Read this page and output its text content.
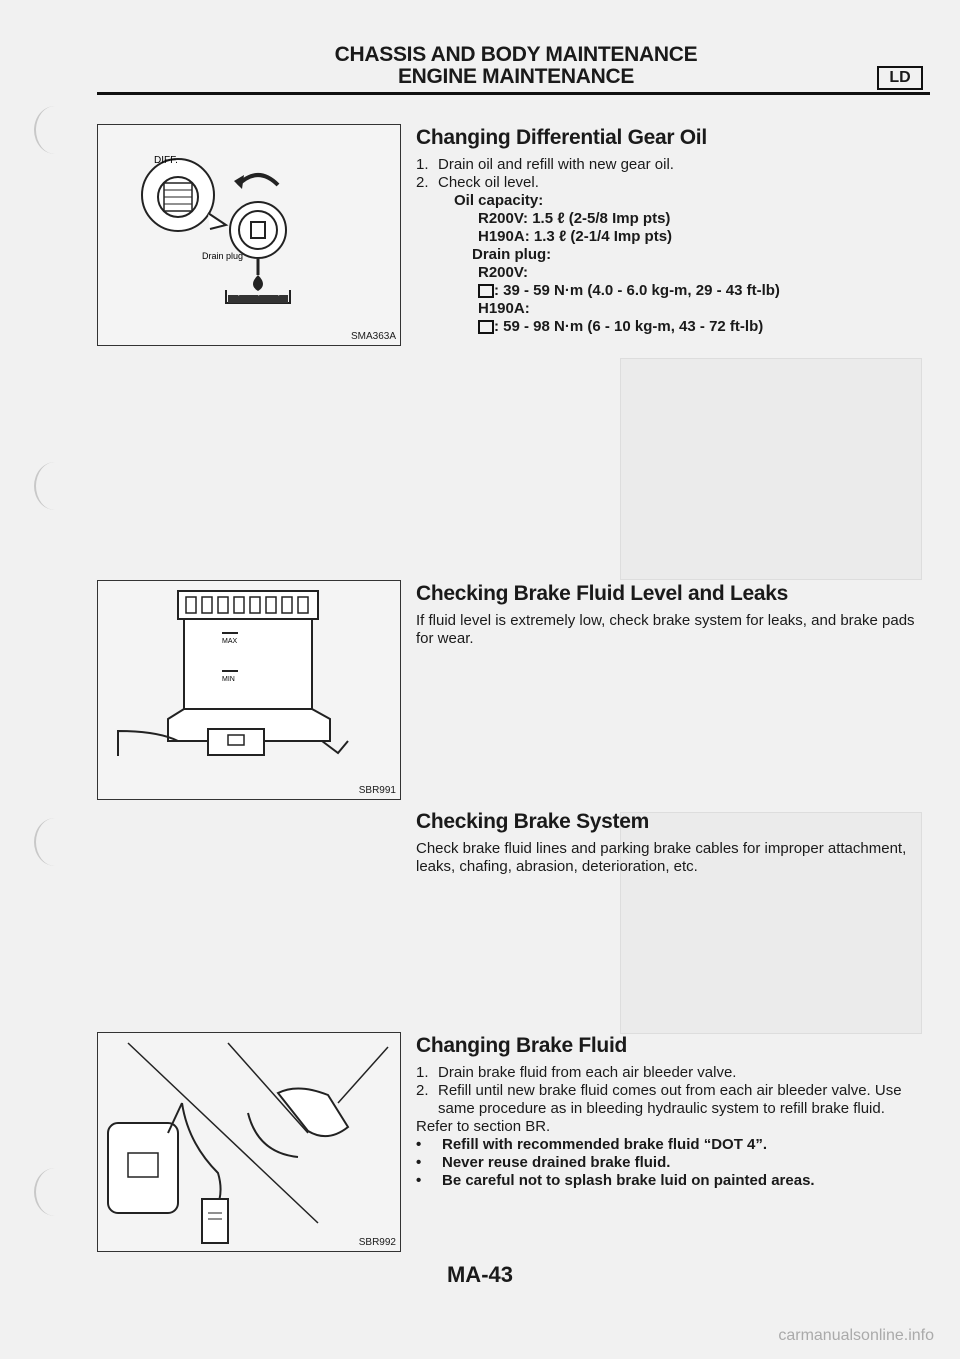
CHASSIS AND BODY MAINTENANCE
ENGINE MAINTENANCE	LD
DIFF.
Drain plug
SMA363A
Changing Differential Gear Oil
1. Drain oil and refill with new gear oil.
2. Check oil level.
Oil capacity:
R200V: 1.5 ℓ (2-5/8 Imp pts)
H190A: 1.3 ℓ (2-1/4 Imp pts)
Drain plug:
R200V:
: 39 - 59 N·m (4.0 - 6.0 kg-m, 29 - 43 ft-lb)
H190A:
: 59 - 98 N·m (6 - 10 kg-m, 43 - 72 ft-lb)
MAX
MIN
SBR991
Checking Brake Fluid Level and Leaks
If fluid level is extremely low, check brake system for leaks, and brake pads for wear.
Checking Brake System
Check brake fluid lines and parking brake cables for improper attachment, leaks, chafing, abrasion, deterioration, etc.
SBR992
Changing Brake Fluid
1. Drain brake fluid from each air bleeder valve.
2. Refill until new brake fluid comes out from each air bleeder valve. Use same procedure as in bleeding hydraulic system to refill brake fluid.
Refer to section BR.
•	Refill with recommended brake fluid “DOT 4”.
•	Never reuse drained brake fluid.
•	Be careful not to splash brake luid on painted areas.
MA-43
carmanualsonline.info
